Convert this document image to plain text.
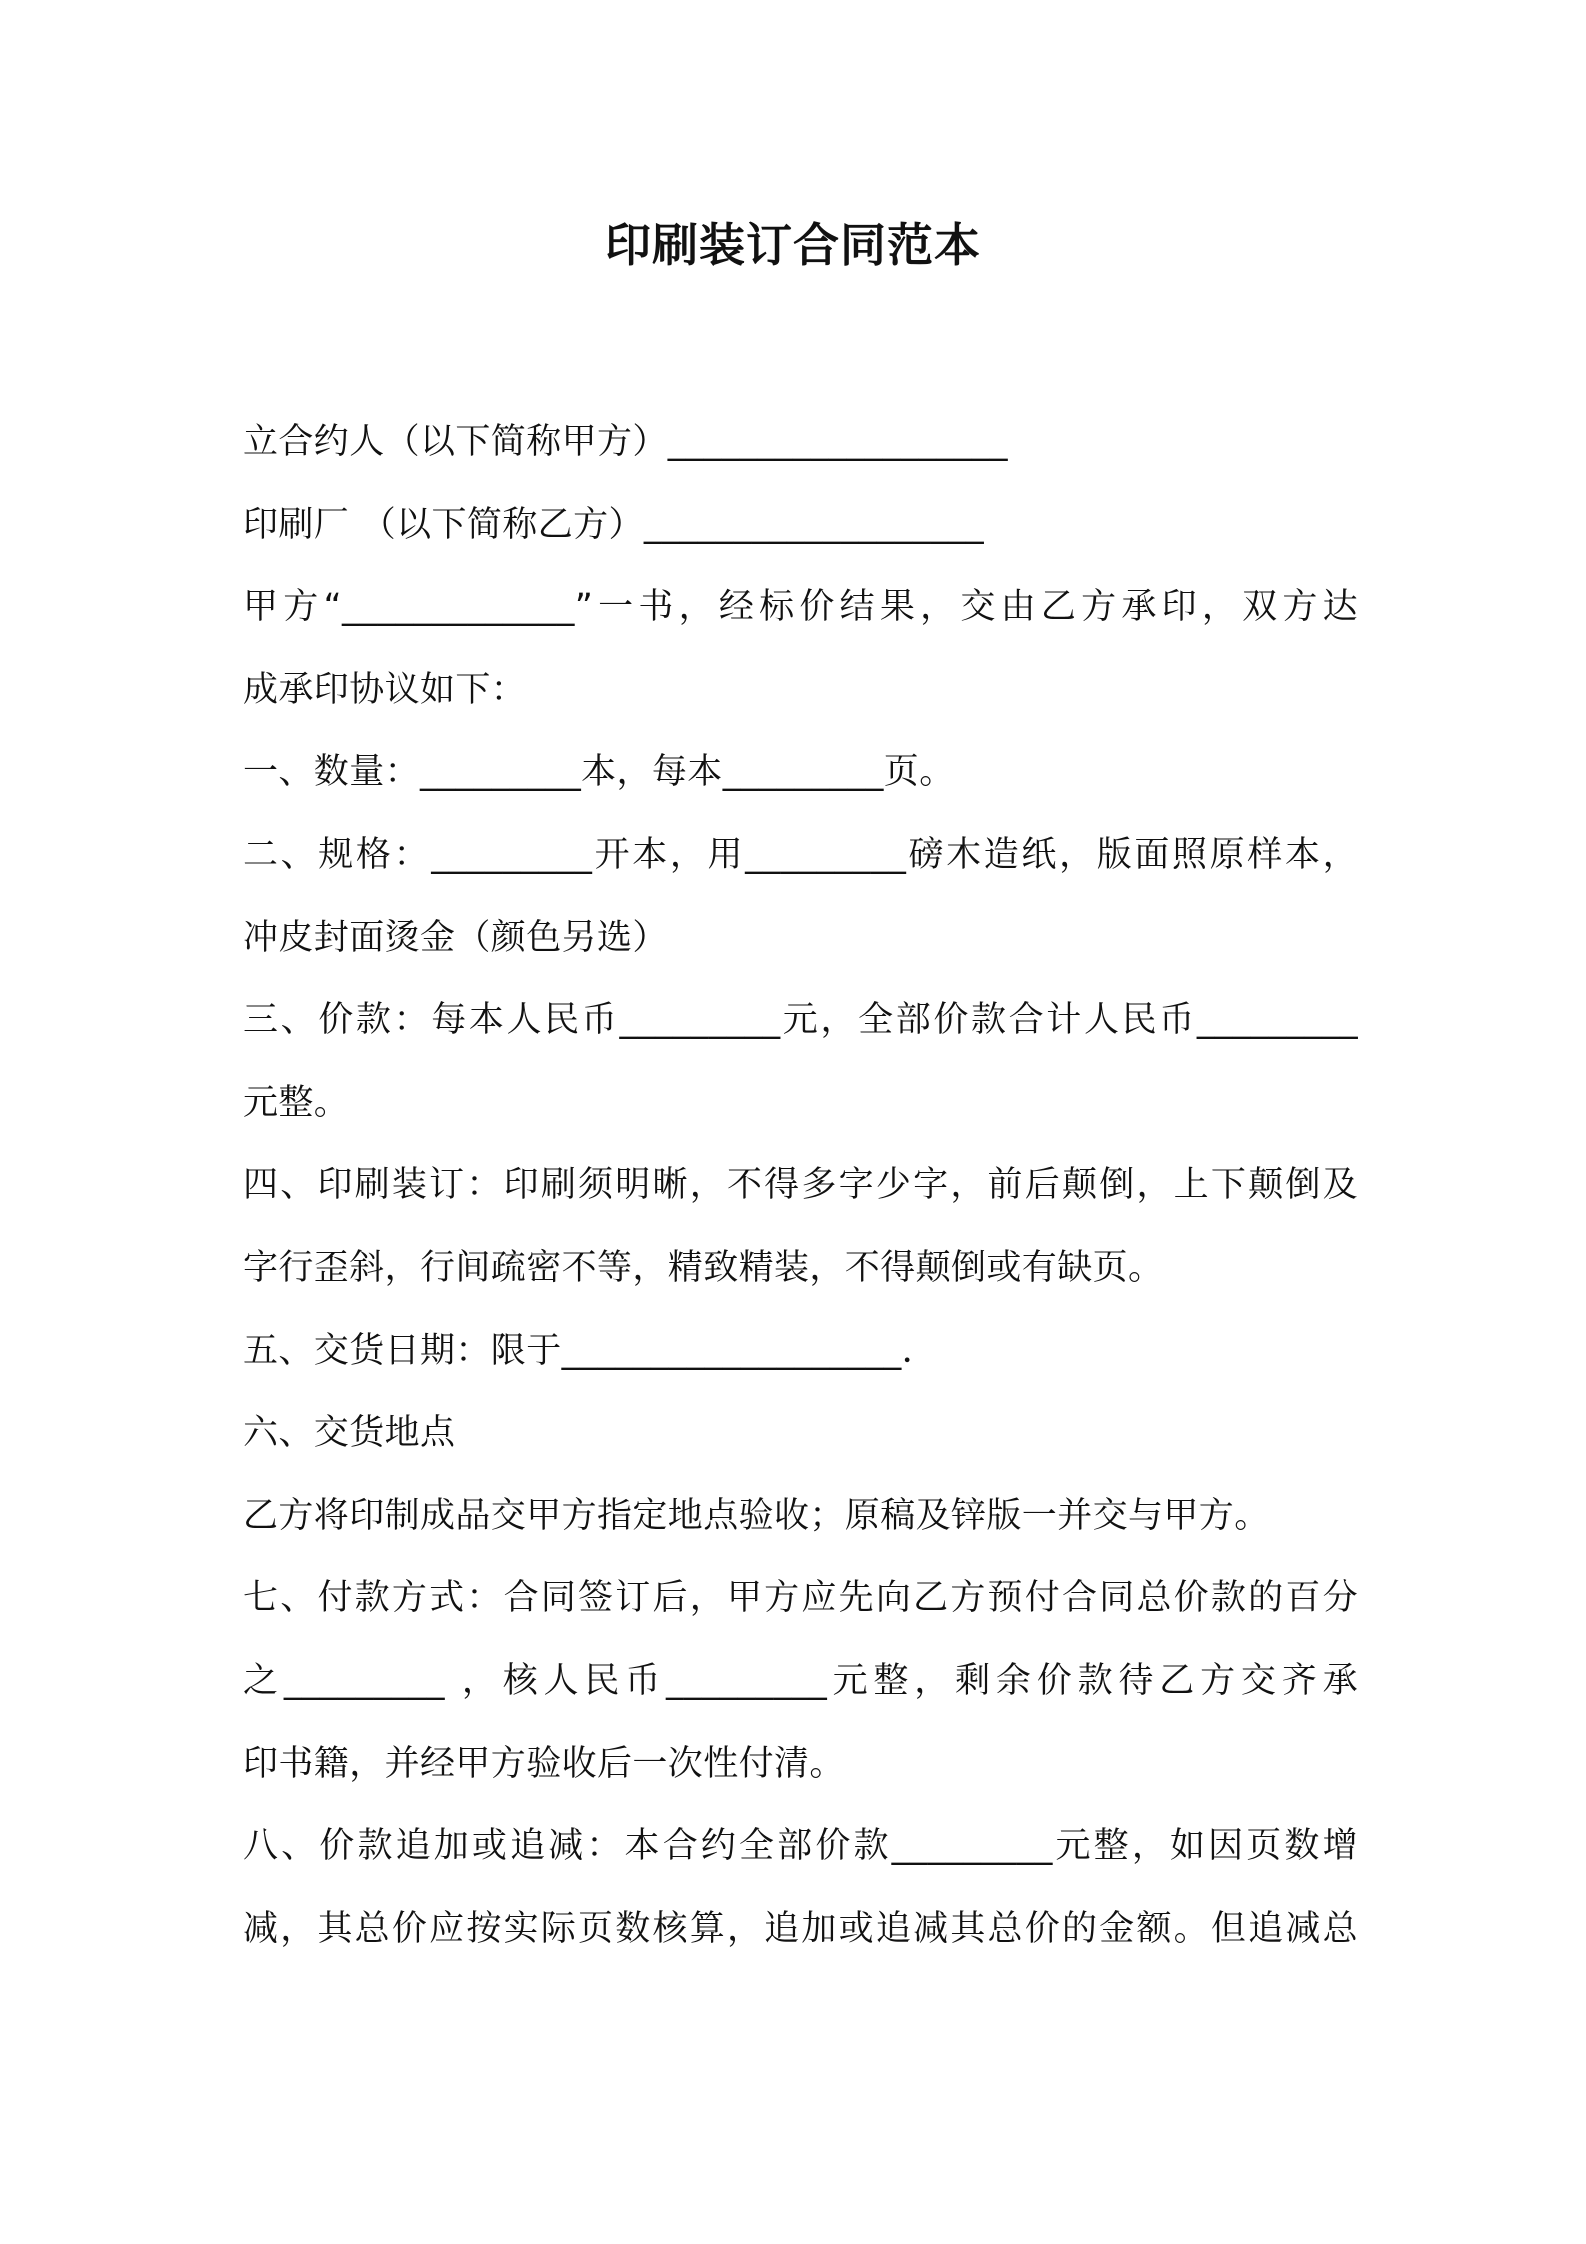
印刷装订合同范本
立合约人（以下简称甲方）___________________
印刷厂 （以下简称乙方）___________________
甲方“_____________”一书，经标价结果，交由乙方承印，双方达
成承印协议如下：
一、数量：_________本，每本_________页。
二、规格：_________开本，用_________磅木造纸，版面照原样本，
冲皮封面烫金（颜色另选）
三、价款：每本人民币_________元，全部价款合计人民币_________
元整。
四、印刷装订：印刷须明晰，不得多字少字，前后颠倒，上下颠倒及
字行歪斜，行间疏密不等，精致精装，不得颠倒或有缺页。
五、交货日期：限于___________________．
六、交货地点
乙方将印制成品交甲方指定地点验收；原稿及锌版一并交与甲方。
七、付款方式：合同签订后，甲方应先向乙方预付合同总价款的百分
之_________ ，核人民币_________元整，剩余价款待乙方交齐承
印书籍，并经甲方验收后一次性付清。
八、价款追加或追减：本合约全部价款_________元整，如因页数增
减，其总价应按实际页数核算，追加或追减其总价的金额。但追减总
